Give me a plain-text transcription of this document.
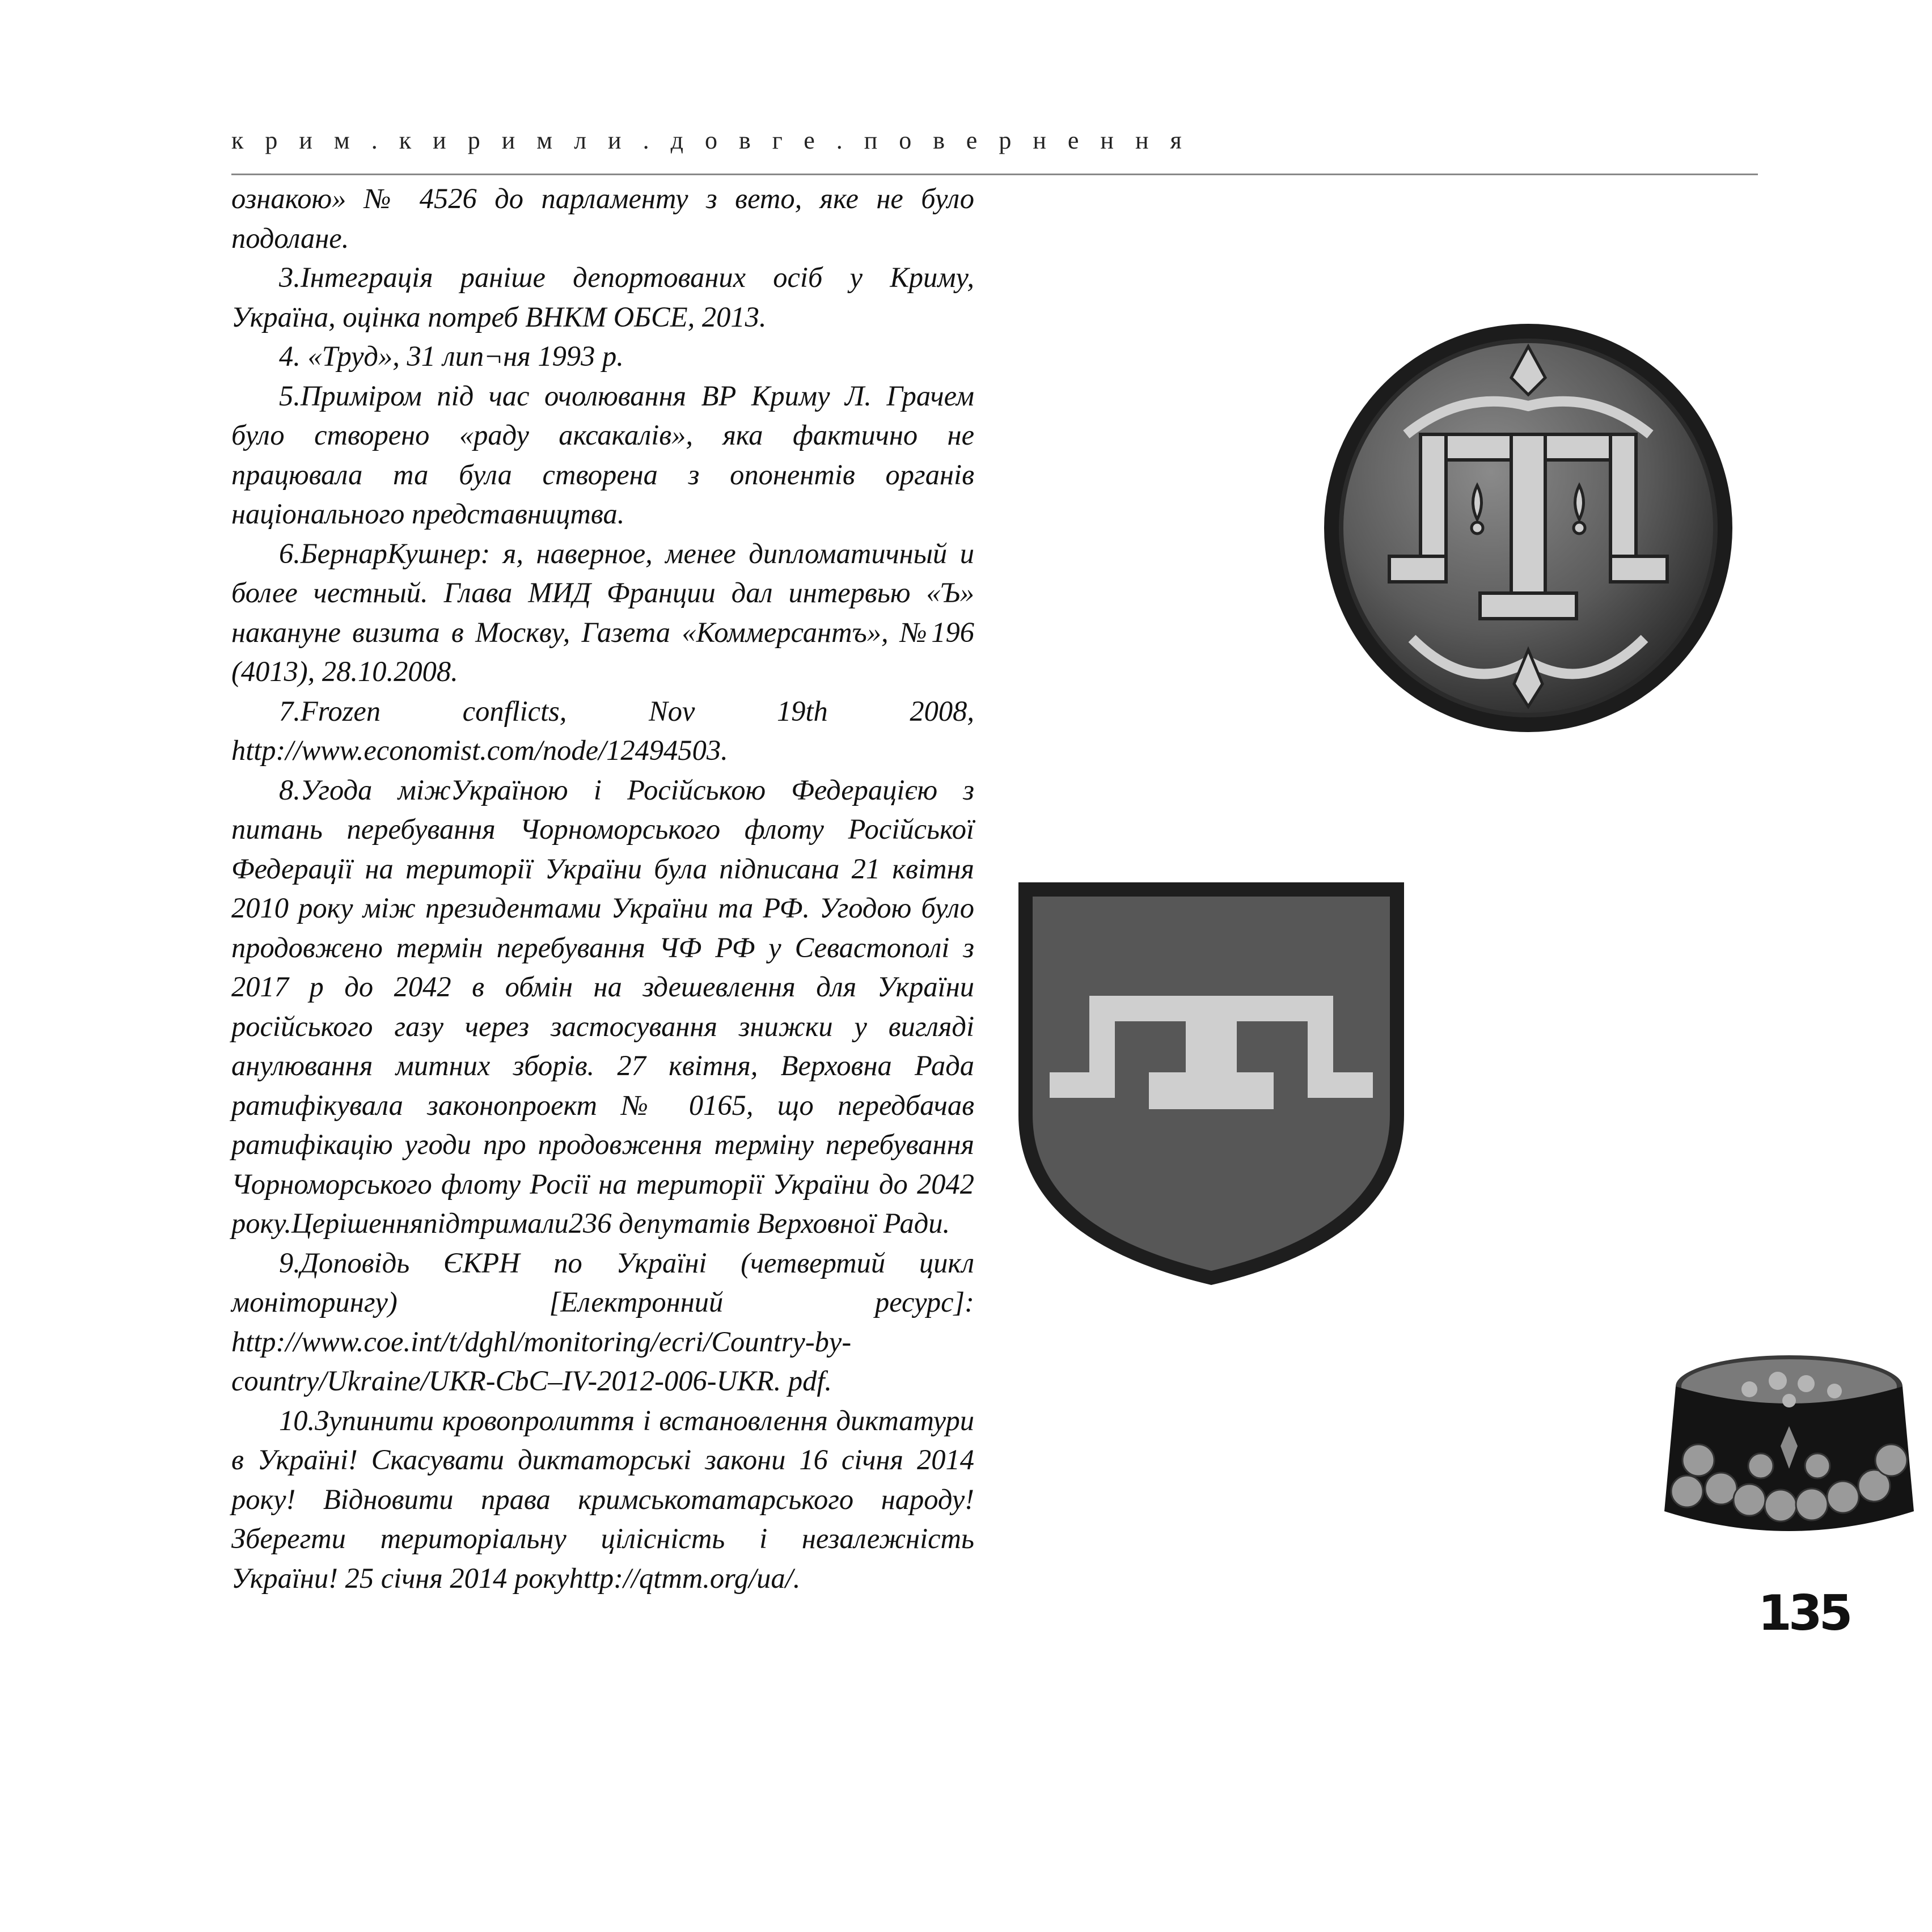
крим.киримли.довге.повернення

ознакою» № 4526 до парламенту з вето, яке не було подолане.

3.Інтеграція раніше депортованих осіб у Криму, Україна, оцінка потреб ВНКМ ОБСЕ, 2013.

4. «Труд», 31 лип¬ня 1993 р.

5.Приміром під час очолювання ВР Криму Л. Грачем було створено «раду аксакалів», яка фактично не працювала та була створена з опонентів органів національного представництва.

6.БернарКушнер: я, наверное, менее дипломатичный и более честный. Глава МИД Франции дал интервью «Ъ» накануне визита в Москву, Газета «Коммерсантъ», №196 (4013), 28.10.2008.

7.Frozen conflicts, Nov 19th 2008, http://www.economist.com/node/12494503.

8.Угода міжУкраїною і Російською Федерацією з питань перебування Чорноморського флоту Російської Федерації на території України була підписана 21 квітня 2010 року між президентами України та РФ. Угодою було продовжено термін перебування ЧФ РФ у Севастополі з 2017 р до 2042 в обмін на здешевлення для України російського газу через застосування знижки у вигляді анулювання митних зборів. 27 квітня, Верховна Рада ратифікувала законопроект № 0165, що передбачав ратифікацію угоди про продовження терміну перебування Чорноморського флоту Росії на території України до 2042 року.Церішенняпідтримали236 депутатів Верховної Ради.

9.Доповідь ЄКРН по Україні (четвертий цикл моніторингу) [Електронний ресурс]: http://www.coe.int/t/dghl/monitoring/ecri/Country-by-country/Ukraine/UKR-CbC–IV-2012-006-UKR. pdf.

10.Зупинити кровопролиття і встановлення диктатури в Україні! Скасувати диктаторські закони 16 січня 2014 року! Відновити права кримськотатарського народу! Зберегти територіальну цілісність і незалежність України! 25 січня 2014 рокуhttp://qtmm.org/ua/.

135
